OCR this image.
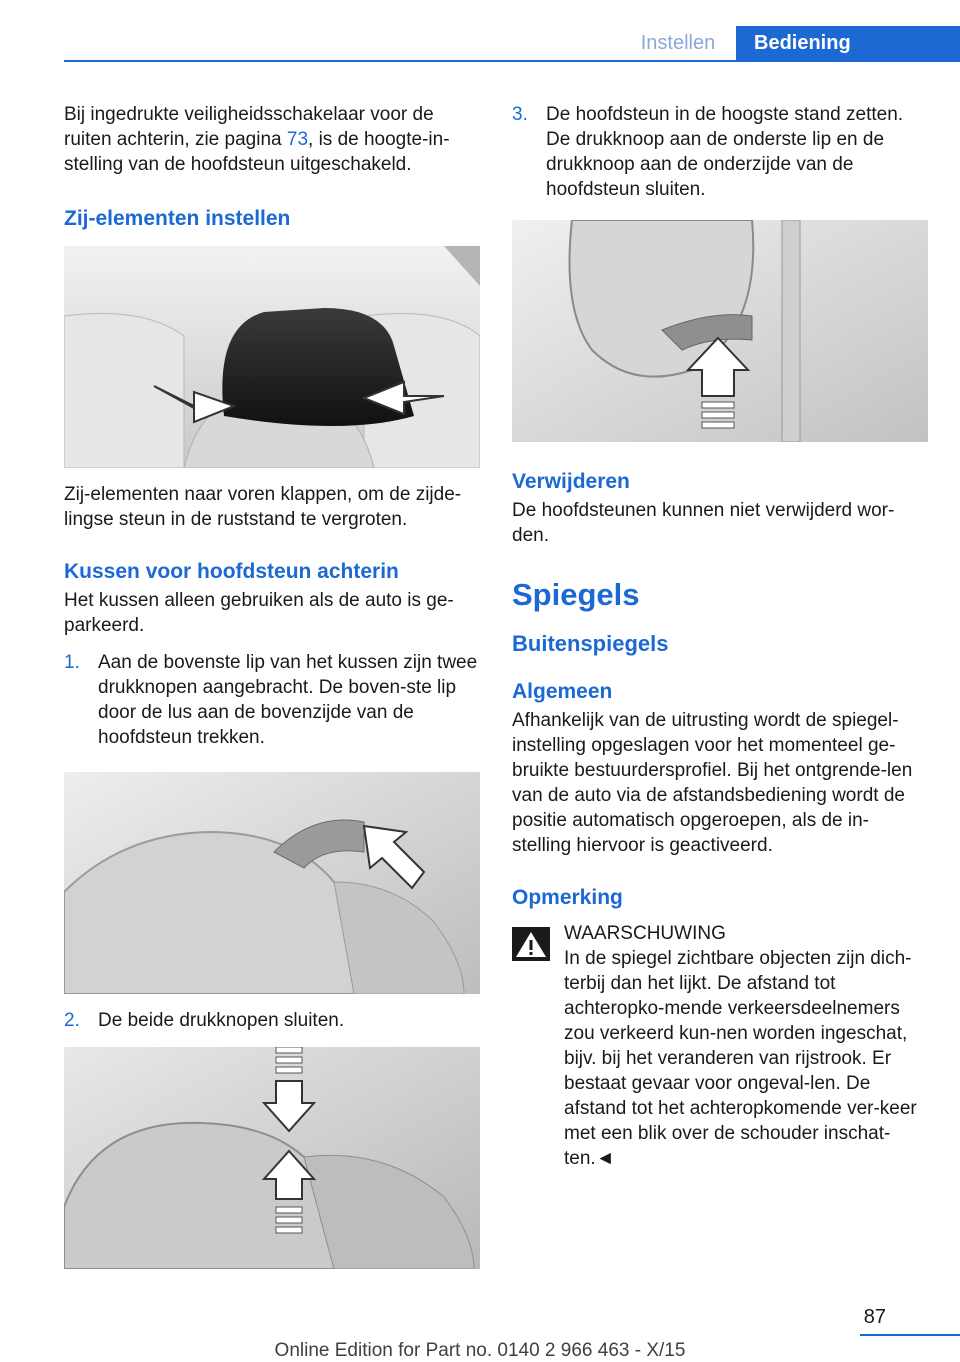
Instellen	Bediening

Bij ingedrukte veiligheidsschakelaar voor de ruiten achterin, zie pagina 73, is de hoogte-in-stelling van de hoofdsteun uitgeschakeld.

Zij-elementen instellen

Zij-elementen naar voren klappen, om de zijde-lingse steun in de ruststand te vergroten.

Kussen voor hoofdsteun achterin

Het kussen alleen gebruiken als de auto is ge-parkeerd.

1. Aan de bovenste lip van het kussen zijn twee drukknopen aangebracht. De boven-ste lip door de lus aan de bovenzijde van de hoofdsteun trekken.
2. De beide drukknopen sluiten.
3. De hoofdsteun in de hoogste stand zetten. De drukknoop aan de onderste lip en de drukknoop aan de onderzijde van de hoofdsteun sluiten.
Verwijderen

De hoofdsteunen kunnen niet verwijderd wor-den.

Spiegels
Buitenspiegels
Algemeen

Afhankelijk van de uitrusting wordt de spiegel-instelling opgeslagen voor het momenteel ge-bruikte bestuurdersprofiel. Bij het ontgrende-len van de auto via de afstandsbediening wordt de positie automatisch opgeroepen, als de in-stelling hiervoor is geactiveerd.

Opmerking
WAARSCHUWING
In de spiegel zichtbare objecten zijn dich-terbij dan het lijkt. De afstand tot achteropko-mende verkeersdeelnemers zou verkeerd kun-nen worden ingeschat, bijv. bij het veranderen van rijstrook. Er bestaat gevaar voor ongeval-len. De afstand tot het achteropkomende ver-keer met een blik over de schouder inschat-ten.◄
87
Online Edition for Part no. 0140 2 966 463 - X/15
